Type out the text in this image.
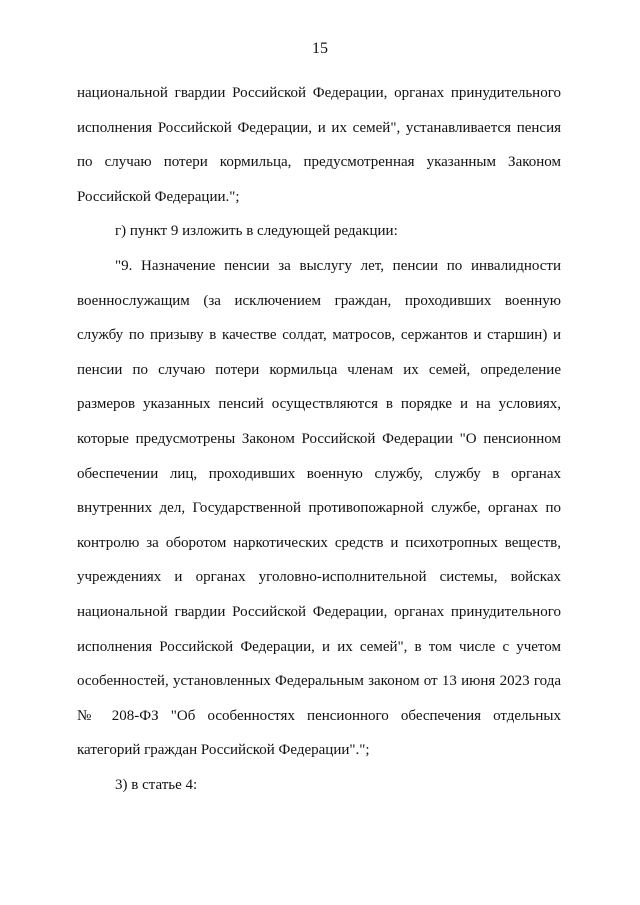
15

национальной гвардии Российской Федерации, органах принудительного исполнения Российской Федерации, и их семей", устанавливается пенсия по случаю потери кормильца, предусмотренная указанным Законом Российской Федерации.";

г) пункт 9 изложить в следующей редакции:

"9. Назначение пенсии за выслугу лет, пенсии по инвалидности военнослужащим (за исключением граждан, проходивших военную службу по призыву в качестве солдат, матросов, сержантов и старшин) и пенсии по случаю потери кормильца членам их семей, определение размеров указанных пенсий осуществляются в порядке и на условиях, которые предусмотрены Законом Российской Федерации "О пенсионном обеспечении лиц, проходивших военную службу, службу в органах внутренних дел, Государственной противопожарной службе, органах по контролю за оборотом наркотических средств и психотропных веществ, учреждениях и органах уголовно-исполнительной системы, войсках национальной гвардии Российской Федерации, органах принудительного исполнения Российской Федерации, и их семей", в том числе с учетом особенностей, установленных Федеральным законом от 13 июня 2023 года № 208-ФЗ "Об особенностях пенсионного обеспечения отдельных категорий граждан Российской Федерации".";

3) в статье 4:
